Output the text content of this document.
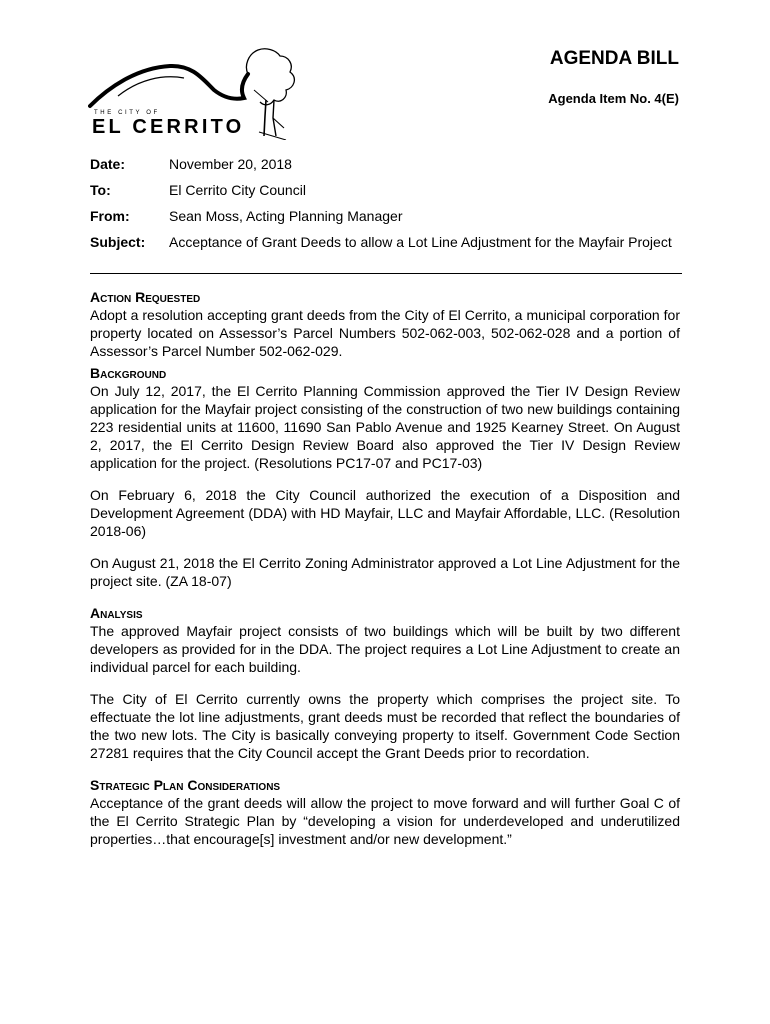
THE CITY OF
EL CERRITO
AGENDA BILL
Agenda Item No. 4(E)
Date:	November 20, 2018
To:	El Cerrito City Council
From:	Sean Moss, Acting Planning Manager
Subject: Acceptance of Grant Deeds to allow a Lot Line Adjustment for the Mayfair Project
Action Requested

Adopt a resolution accepting grant deeds from the City of El Cerrito, a municipal corporation for property located on Assessor’s Parcel Numbers 502-062-003, 502-062-028 and a portion of Assessor’s Parcel Number 502-062-029.

Background

On July 12, 2017, the El Cerrito Planning Commission approved the Tier IV Design Review application for the Mayfair project consisting of the construction of two new buildings containing 223 residential units at 11600, 11690 San Pablo Avenue and 1925 Kearney Street. On August 2, 2017, the El Cerrito Design Review Board also approved the Tier IV Design Review application for the project. (Resolutions PC17-07 and PC17-03)

On February 6, 2018 the City Council authorized the execution of a Disposition and Development Agreement (DDA) with HD Mayfair, LLC and Mayfair Affordable, LLC. (Resolution 2018-06)

On August 21, 2018 the El Cerrito Zoning Administrator approved a Lot Line Adjustment for the project site. (ZA 18-07)

Analysis

The approved Mayfair project consists of two buildings which will be built by two different developers as provided for in the DDA. The project requires a Lot Line Adjustment to create an individual parcel for each building.

The City of El Cerrito currently owns the property which comprises the project site. To effectuate the lot line adjustments, grant deeds must be recorded that reflect the boundaries of the two new lots. The City is basically conveying property to itself. Government Code Section 27281 requires that the City Council accept the Grant Deeds prior to recordation.

Strategic Plan Considerations

Acceptance of the grant deeds will allow the project to move forward and will further Goal C of the El Cerrito Strategic Plan by “developing a vision for underdeveloped and underutilized properties…that encourage[s] investment and/or new development.”
